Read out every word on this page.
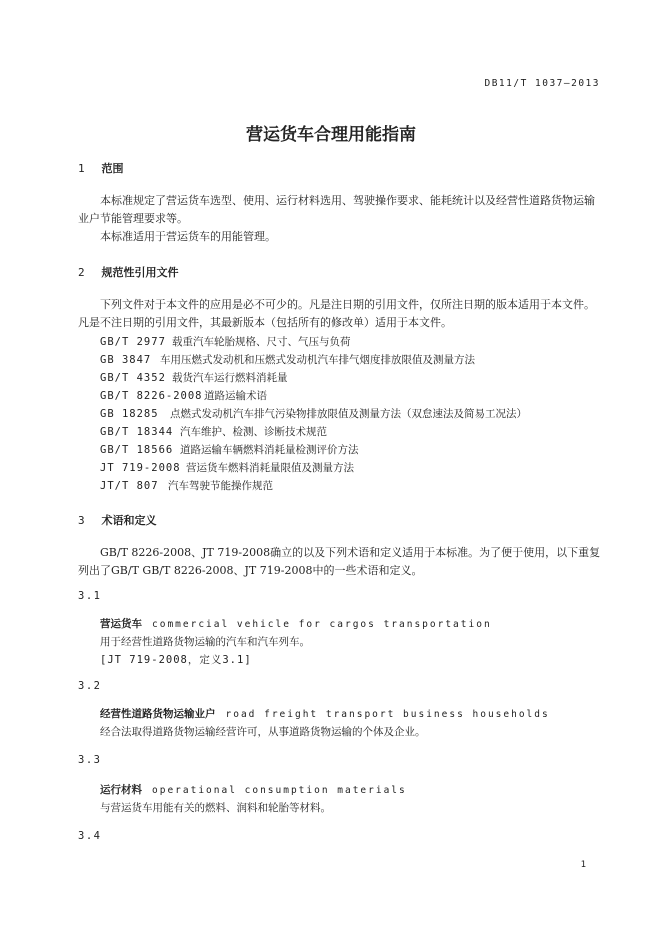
DB11/T 1037—2013
营运货车合理用能指南
1 范围
本标准规定了营运货车选型、使用、运行材料选用、驾驶操作要求、能耗统计以及经营性道路货物运输业户节能管理要求等。
本标准适用于营运货车的用能管理。
2 规范性引用文件
下列文件对于本文件的应用是必不可少的。凡是注日期的引用文件，仅所注日期的版本适用于本文件。凡是不注日期的引用文件，其最新版本（包括所有的修改单）适用于本文件。
GB/T 2977 载重汽车轮胎规格、尺寸、气压与负荷
GB 3847 车用压燃式发动机和压燃式发动机汽车排气烟度排放限值及测量方法
GB/T 4352 载货汽车运行燃料消耗量
GB/T 8226-2008道路运输术语
GB 18285 点燃式发动机汽车排气污染物排放限值及测量方法（双怠速法及简易工况法）
GB/T 18344 汽车维护、检测、诊断技术规范
GB/T 18566 道路运输车辆燃料消耗量检测评价方法
JT 719-2008 营运货车燃料消耗量限值及测量方法
JT/T 807 汽车驾驶节能操作规范
3 术语和定义
GB/T 8226-2008、JT 719-2008确立的以及下列术语和定义适用于本标准。为了便于使用，以下重复列出了GB/T GB/T 8226-2008、JT 719-2008中的一些术语和定义。
3.1
营运货车 commercial vehicle for cargos transportation
用于经营性道路货物运输的汽车和汽车列车。
[JT 719-2008，定义3.1]
3.2
经营性道路货物运输业户 road freight transport business households
经合法取得道路货物运输经营许可，从事道路货物运输的个体及企业。
3.3
运行材料 operational consumption materials
与营运货车用能有关的燃料、润料和轮胎等材料。
3.4
1
